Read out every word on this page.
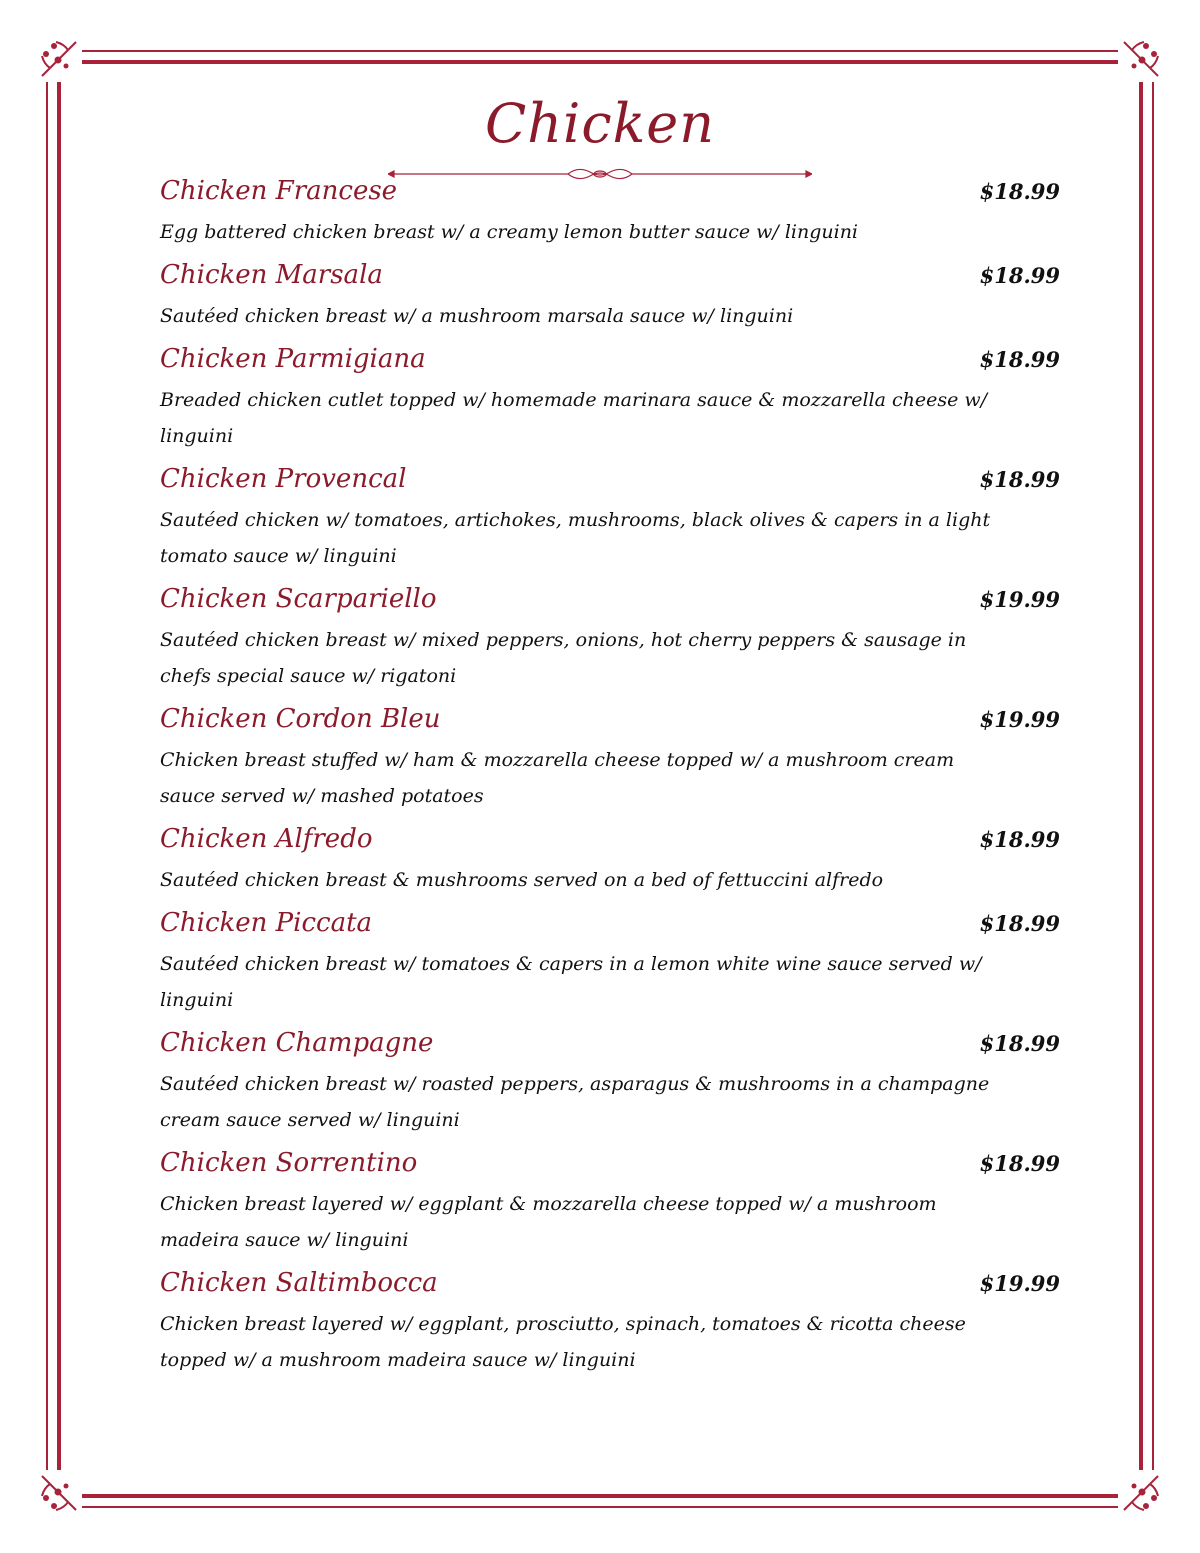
Chicken
Chicken Francese	$18.99
Egg battered chicken breast w/ a creamy lemon butter sauce w/ linguini
Chicken Marsala	$18.99
Sautéed chicken breast w/ a mushroom marsala sauce w/ linguini
Chicken Parmigiana	$18.99
Breaded chicken cutlet topped w/ homemade marinara sauce & mozzarella cheese w/ linguini
Chicken Provencal	$18.99
Sautéed chicken w/ tomatoes, artichokes, mushrooms, black olives & capers in a light tomato sauce w/ linguini
Chicken Scarpariello	$19.99
Sautéed chicken breast w/ mixed peppers, onions, hot cherry peppers & sausage in chefs special sauce w/ rigatoni
Chicken Cordon Bleu	$19.99
Chicken breast stuffed w/ ham & mozzarella cheese topped w/ a mushroom cream sauce served w/ mashed potatoes
Chicken Alfredo	$18.99
Sautéed chicken breast & mushrooms served on a bed of fettuccini alfredo
Chicken Piccata	$18.99
Sautéed chicken breast w/ tomatoes & capers in a lemon white wine sauce served w/ linguini
Chicken Champagne	$18.99
Sautéed chicken breast w/ roasted peppers, asparagus & mushrooms in a champagne cream sauce served w/ linguini
Chicken Sorrentino	$18.99
Chicken breast layered w/ eggplant & mozzarella cheese topped w/ a mushroom madeira sauce w/ linguini
Chicken Saltimbocca	$19.99
Chicken breast layered w/ eggplant, prosciutto, spinach, tomatoes & ricotta cheese topped w/ a mushroom madeira sauce w/ linguini
